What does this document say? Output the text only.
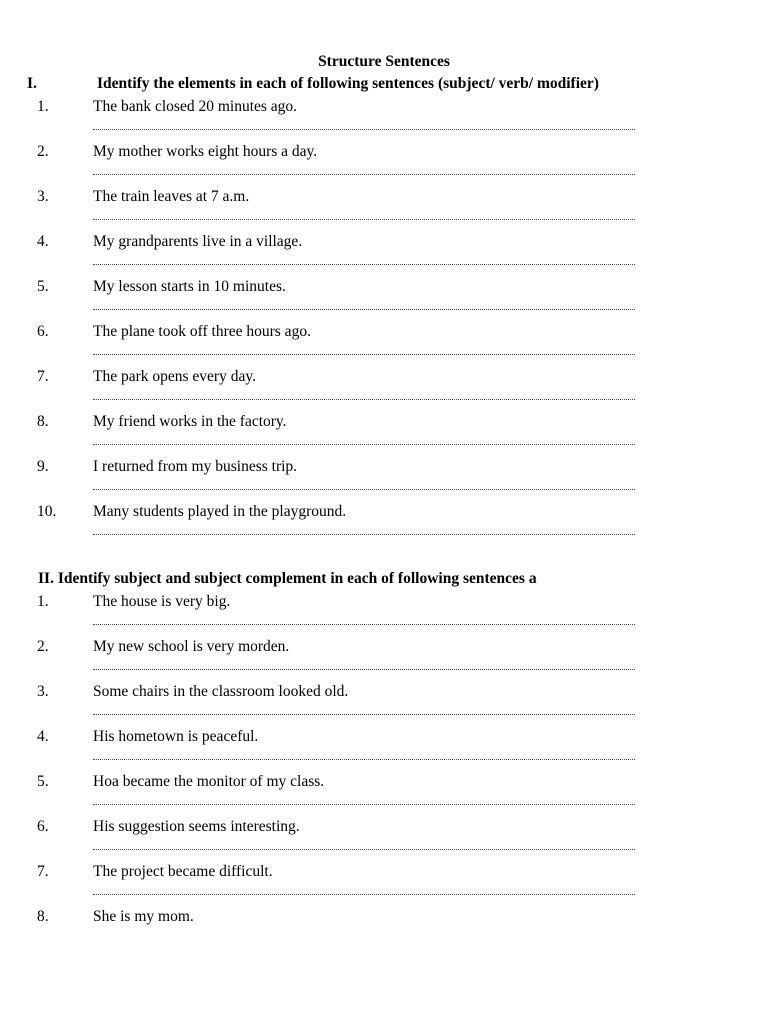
Structure Sentences
I.	Identify the elements in each of following sentences (subject/ verb/ modifier)
1.	The bank closed 20 minutes ago.
2.	My mother works eight hours a day.
3.	The train leaves at 7 a.m.
4.	My grandparents live in a village.
5.	My lesson starts in 10 minutes.
6.	The plane took off three hours ago.
7.	The park opens every day.
8.	My friend works in the factory.
9.	I returned from my business trip.
10. Many students played in the playground.
II. Identify subject and subject complement in each of following sentences a
1.	The house is very big.
2.	My new school is very morden.
3.	Some chairs in the classroom looked old.
4.	His hometown is peaceful.
5.	Hoa became the monitor of my class.
6.	His suggestion seems interesting.
7.	The project became difficult.
8.	She is my mom.
